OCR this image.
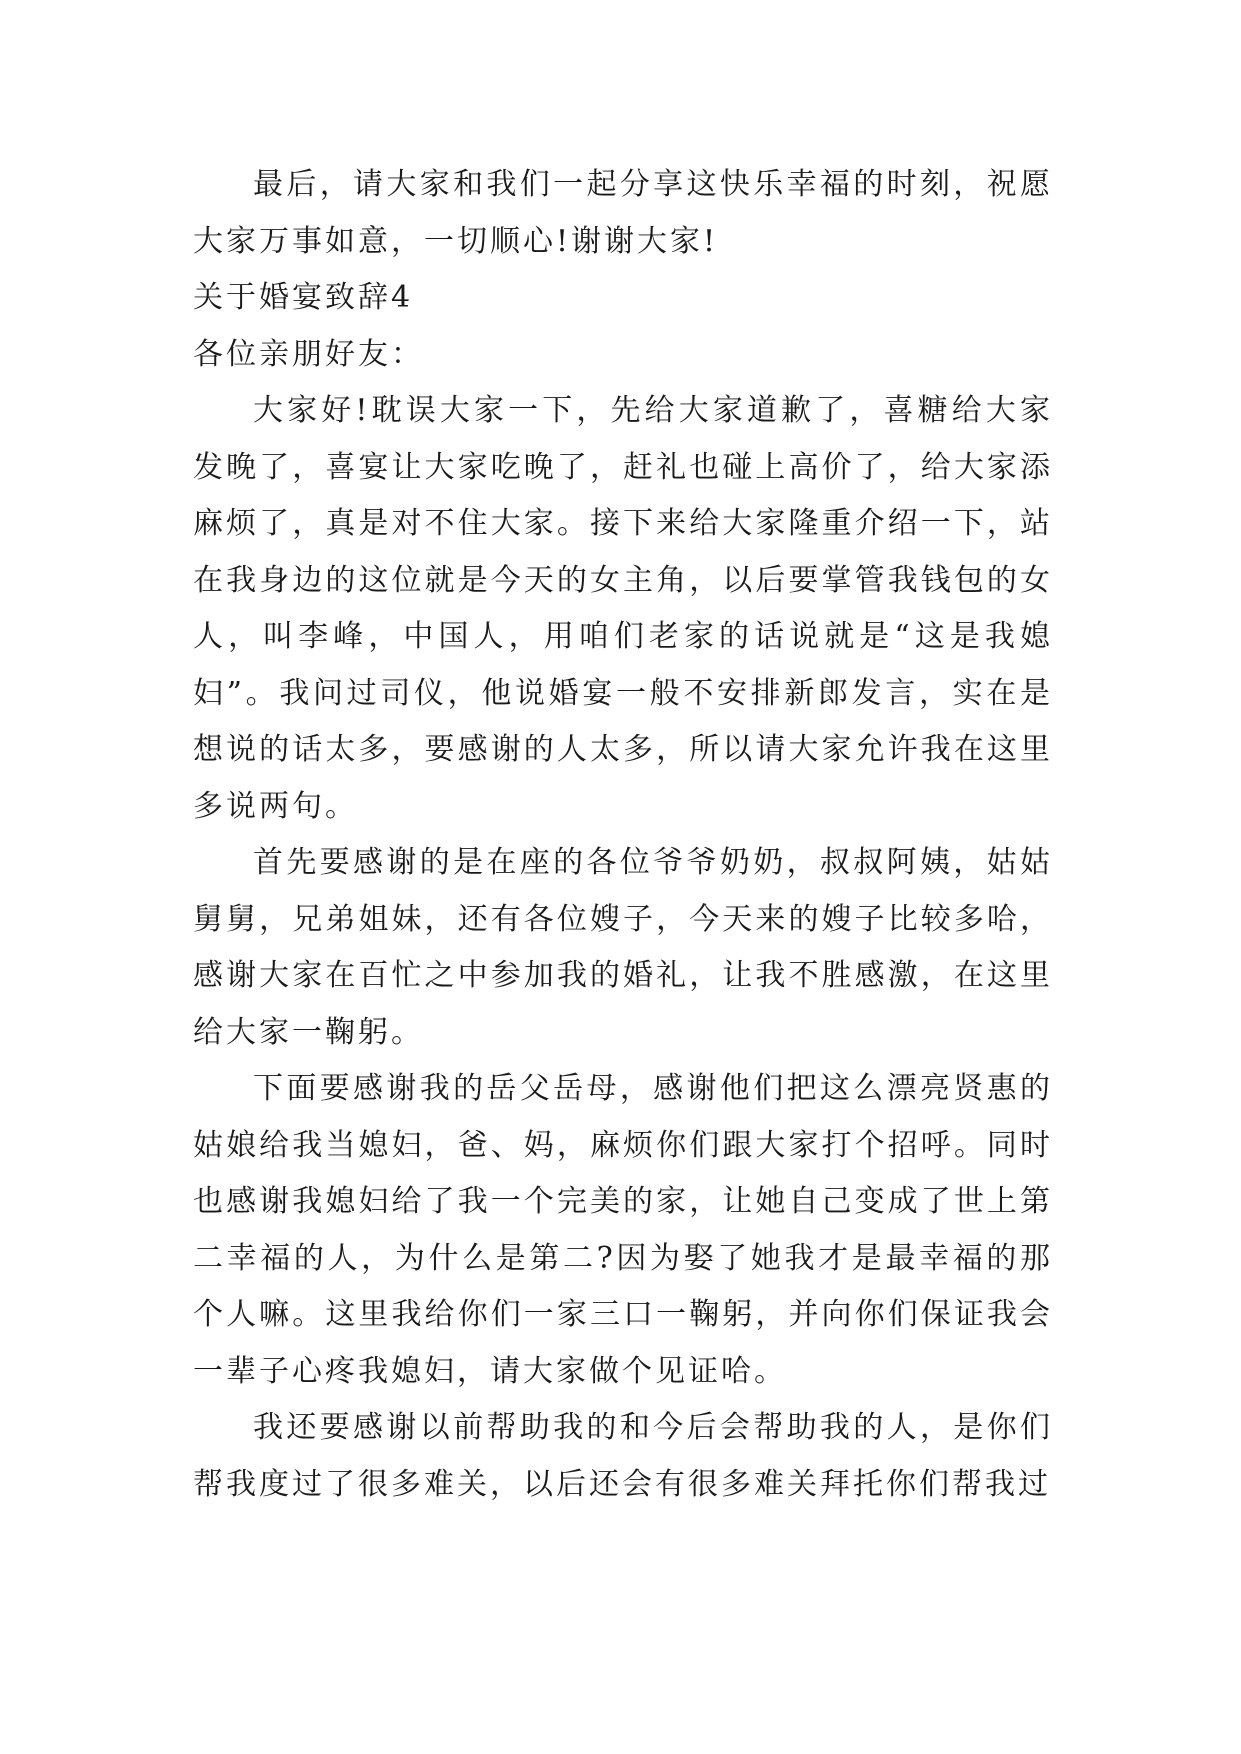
最后，请大家和我们一起分享这快乐幸福的时刻，祝愿大家万事如意，一切顺心!谢谢大家!

关于婚宴致辞4

各位亲朋好友：

大家好!耽误大家一下，先给大家道歉了，喜糖给大家发晚了，喜宴让大家吃晚了，赶礼也碰上高价了，给大家添麻烦了，真是对不住大家。接下来给大家隆重介绍一下，站在我身边的这位就是今天的女主角，以后要掌管我钱包的女人，叫李峰，中国人，用咱们老家的话说就是“这是我媳妇”。我问过司仪，他说婚宴一般不安排新郎发言，实在是想说的话太多，要感谢的人太多，所以请大家允许我在这里多说两句。

首先要感谢的是在座的各位爷爷奶奶，叔叔阿姨，姑姑舅舅，兄弟姐妹，还有各位嫂子，今天来的嫂子比较多哈，感谢大家在百忙之中参加我的婚礼，让我不胜感激，在这里给大家一鞠躬。

下面要感谢我的岳父岳母，感谢他们把这么漂亮贤惠的姑娘给我当媳妇，爸、妈，麻烦你们跟大家打个招呼。同时也感谢我媳妇给了我一个完美的家，让她自己变成了世上第二幸福的人，为什么是第二?因为娶了她我才是最幸福的那个人嘛。这里我给你们一家三口一鞠躬，并向你们保证我会一辈子心疼我媳妇，请大家做个见证哈。

我还要感谢以前帮助我的和今后会帮助我的人，是你们帮我度过了很多难关，以后还会有很多难关拜托你们帮我过
